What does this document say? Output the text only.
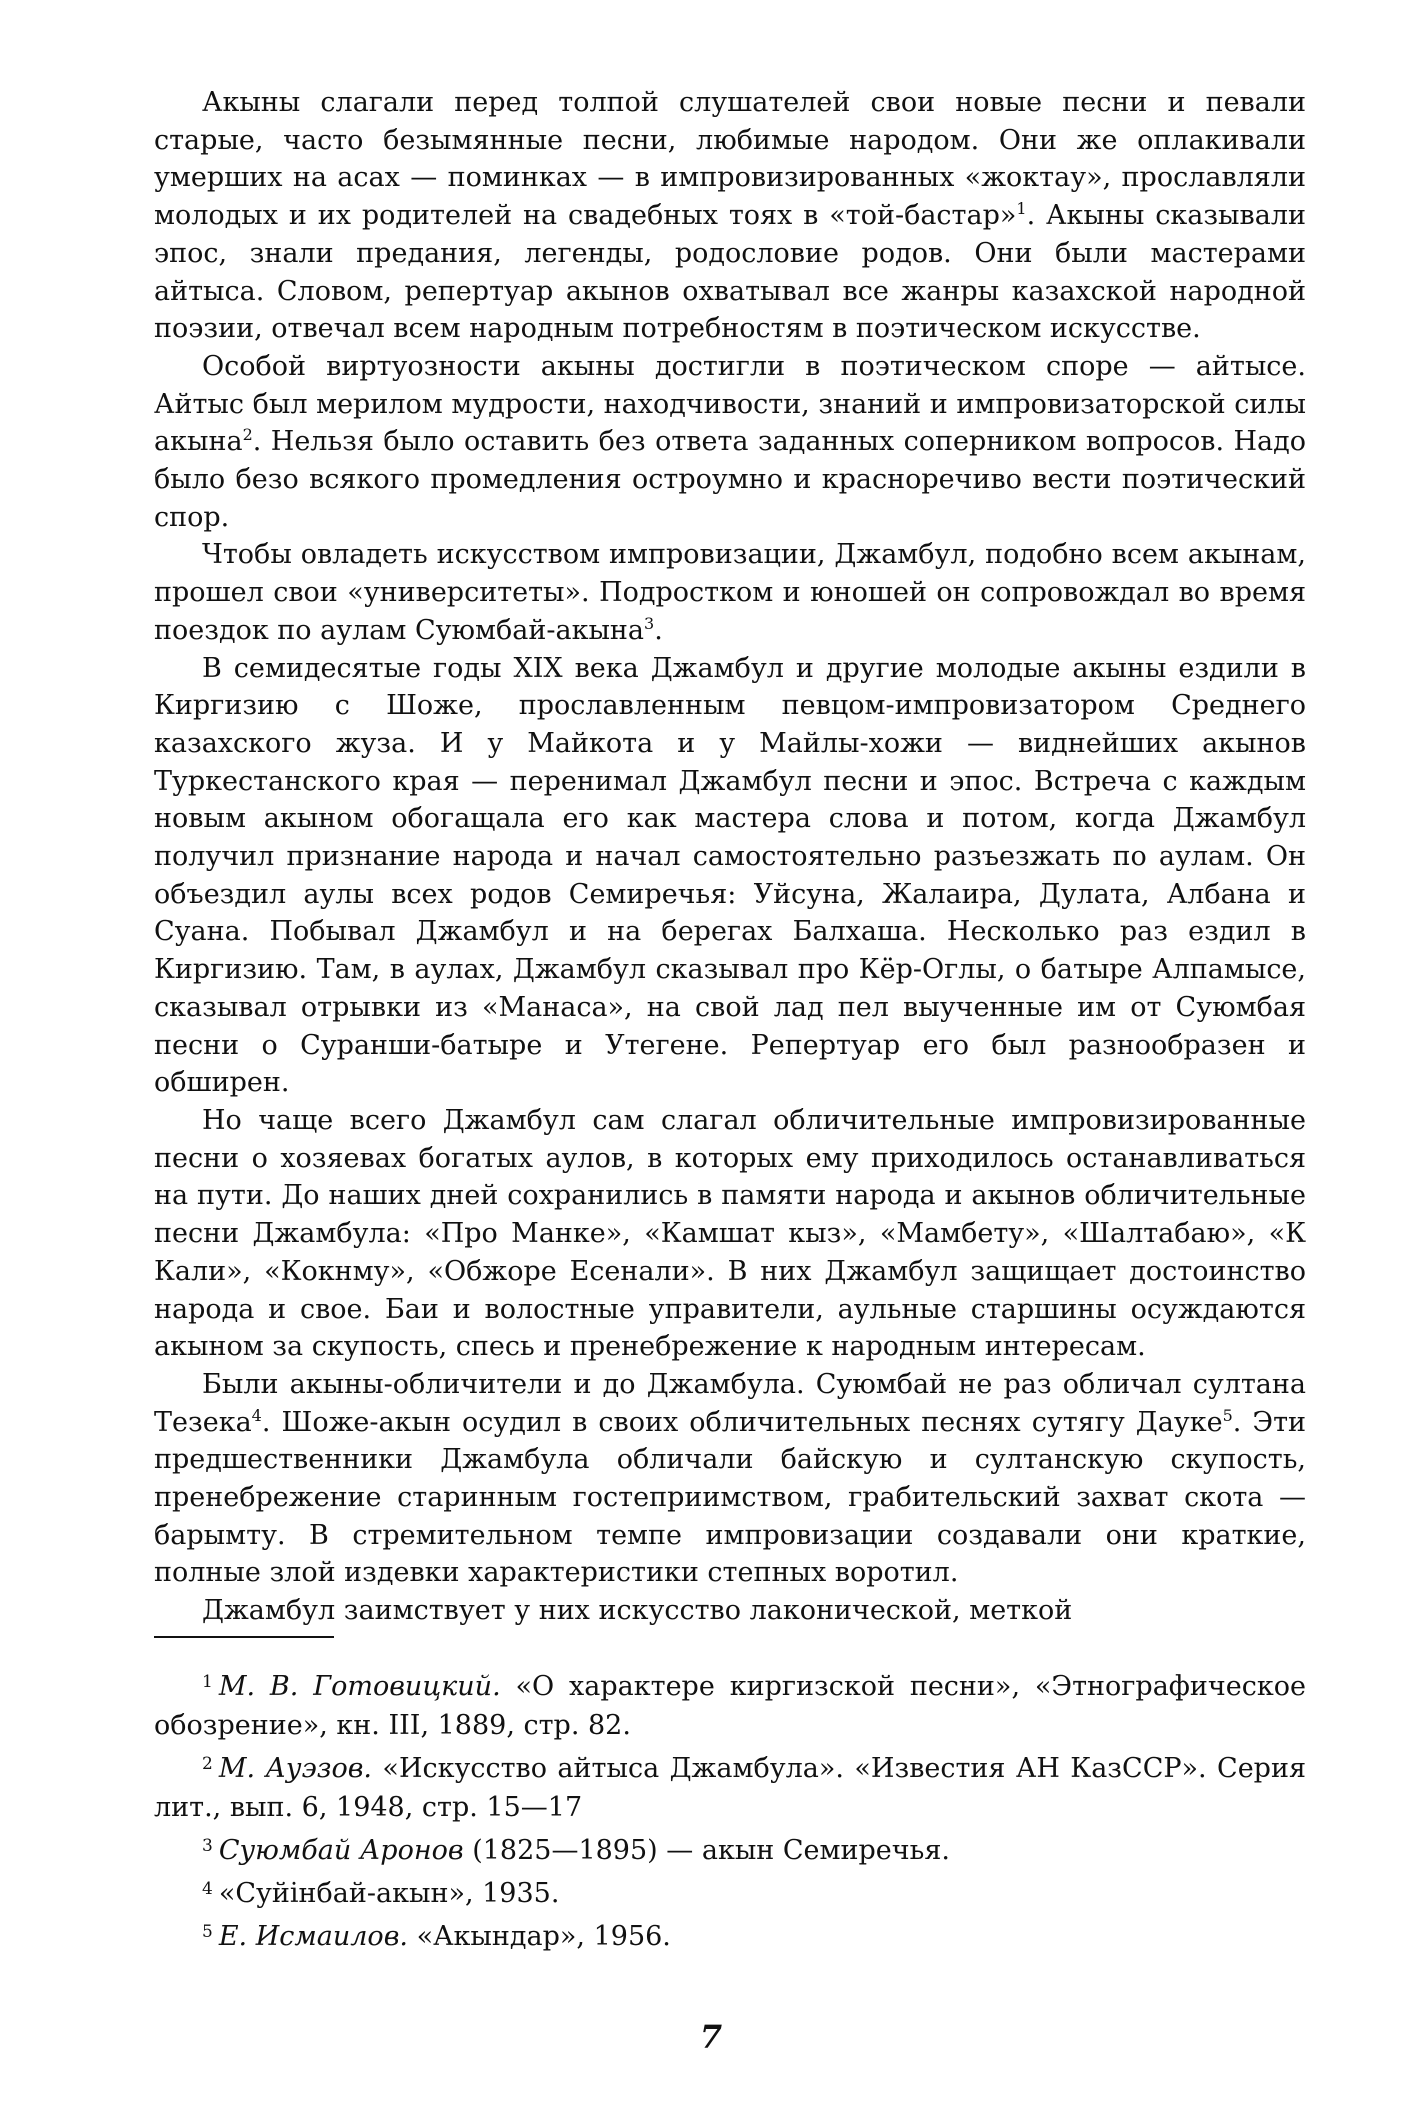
Акыны слагали перед толпой слушателей свои новые песни и певали старые, часто безымянные песни, любимые народом. Они же оплакивали умерших на асах — поминках — в импровизированных «жоктау», прославляли молодых и их родителей на свадебных тоях в «той-бастар»$^1$. Акыны сказывали эпос, знали предания, легенды, родословие родов. Они были мастерами айтыса. Словом, репертуар акынов охватывал все жанры казахской народной поэзии, отвечал всем народным потребностям в поэтическом искусстве.

Особой виртуозности акыны достигли в поэтическом споре — айтысе. Айтыс был мерилом мудрости, находчивости, знаний и импровизаторской силы акына$^2$. Нельзя было оставить без ответа заданных соперником вопросов. Надо было безо всякого промедления остроумно и красноречиво вести поэтический спор.

Чтобы овладеть искусством импровизации, Джамбул, подобно всем акынам, прошел свои «университеты». Подростком и юношей он сопровождал во время поездок по аулам Суюмбай-акына$^3$.

В семидесятые годы XIX века Джамбул и другие молодые акыны ездили в Киргизию с Шоже, прославленным певцом-импровизатором Среднего казахского жуза. И у Майкота и у Майлы-хожи — виднейших акынов Туркестанского края — перенимал Джамбул песни и эпос. Встреча с каждым новым акыном обогащала его как мастера слова и потом, когда Джамбул получил признание народа и начал самостоятельно разъезжать по аулам. Он объездил аулы всех родов Семиречья: Уйсуна, Жалаира, Дулата, Албана и Суана. Побывал Джамбул и на берегах Балхаша. Несколько раз ездил в Киргизию. Там, в аулах, Джамбул сказывал про Кёр-Оглы, о батыре Алпамысе, сказывал отрывки из «Манаса», на свой лад пел выученные им от Суюмбая песни о Суранши-батыре и Утегене. Репертуар его был разнообразен и обширен.

Но чаще всего Джамбул сам слагал обличительные импровизированные песни о хозяевах богатых аулов, в которых ему приходилось останавливаться на пути. До наших дней сохранились в памяти народа и акынов обличительные песни Джамбула: «Про Манке», «Камшат кыз», «Мамбету», «Шалтабаю», «К Кали», «Кокнму», «Обжоре Есенали». В них Джамбул защищает достоинство народа и свое. Баи и волостные управители, аульные старшины осуждаются акыном за скупость, спесь и пренебрежение к народным интересам.

Были акыны-обличители и до Джамбула. Суюмбай не раз обличал султана Тезека$^4$. Шоже-акын осудил в своих обличительных песнях сутягу Дауке$^5$. Эти предшественники Джамбула обличали байскую и султанскую скупость, пренебрежение старинным гостеприимством, грабительский захват скота — барымту. В стремительном темпе импровизации создавали они краткие, полные злой издевки характеристики степных воротил.

Джамбул заимствует у них искусство лаконической, меткой

$^1$ М. В. Готовицкий. «О характере киргизской песни», «Этнографическое обозрение», кн. III, 1889, стр. 82.

$^2$ М. Ауэзов. «Искусство айтыса Джамбула». «Известия АН КазССР». Серия лит., вып. 6, 1948, стр. 15—17

$^3$ Суюмбай Аронов (1825—1895) — акын Семиречья.

$^4$ «Суйiнбай-акын», 1935.

$^5$ Е. Исмаилов. «Акындар», 1956.

7
